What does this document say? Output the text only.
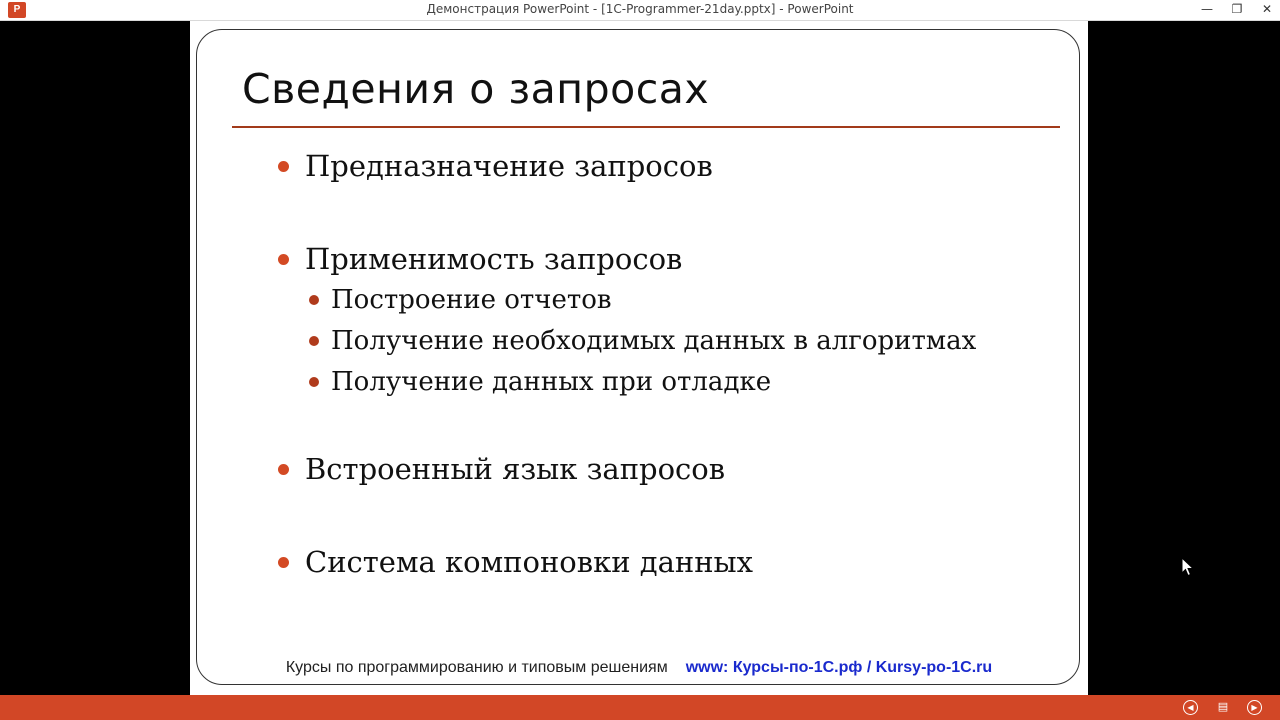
P	Демонстрация PowerPoint - [1C-Programmer-21day.pptx] - PowerPoint	—	❐	✕
Сведения о запросах
Предназначение запросов
Применимость запросов
Построение отчетов
Получение необходимых данных в алгоритмах
Получение данных при отладке
Встроенный язык запросов
Система компоновки данных
Курсы по программированию и типовым решениям www: Курсы-по-1С.рф / Kursy-po-1C.ru
◀	▤	▶
